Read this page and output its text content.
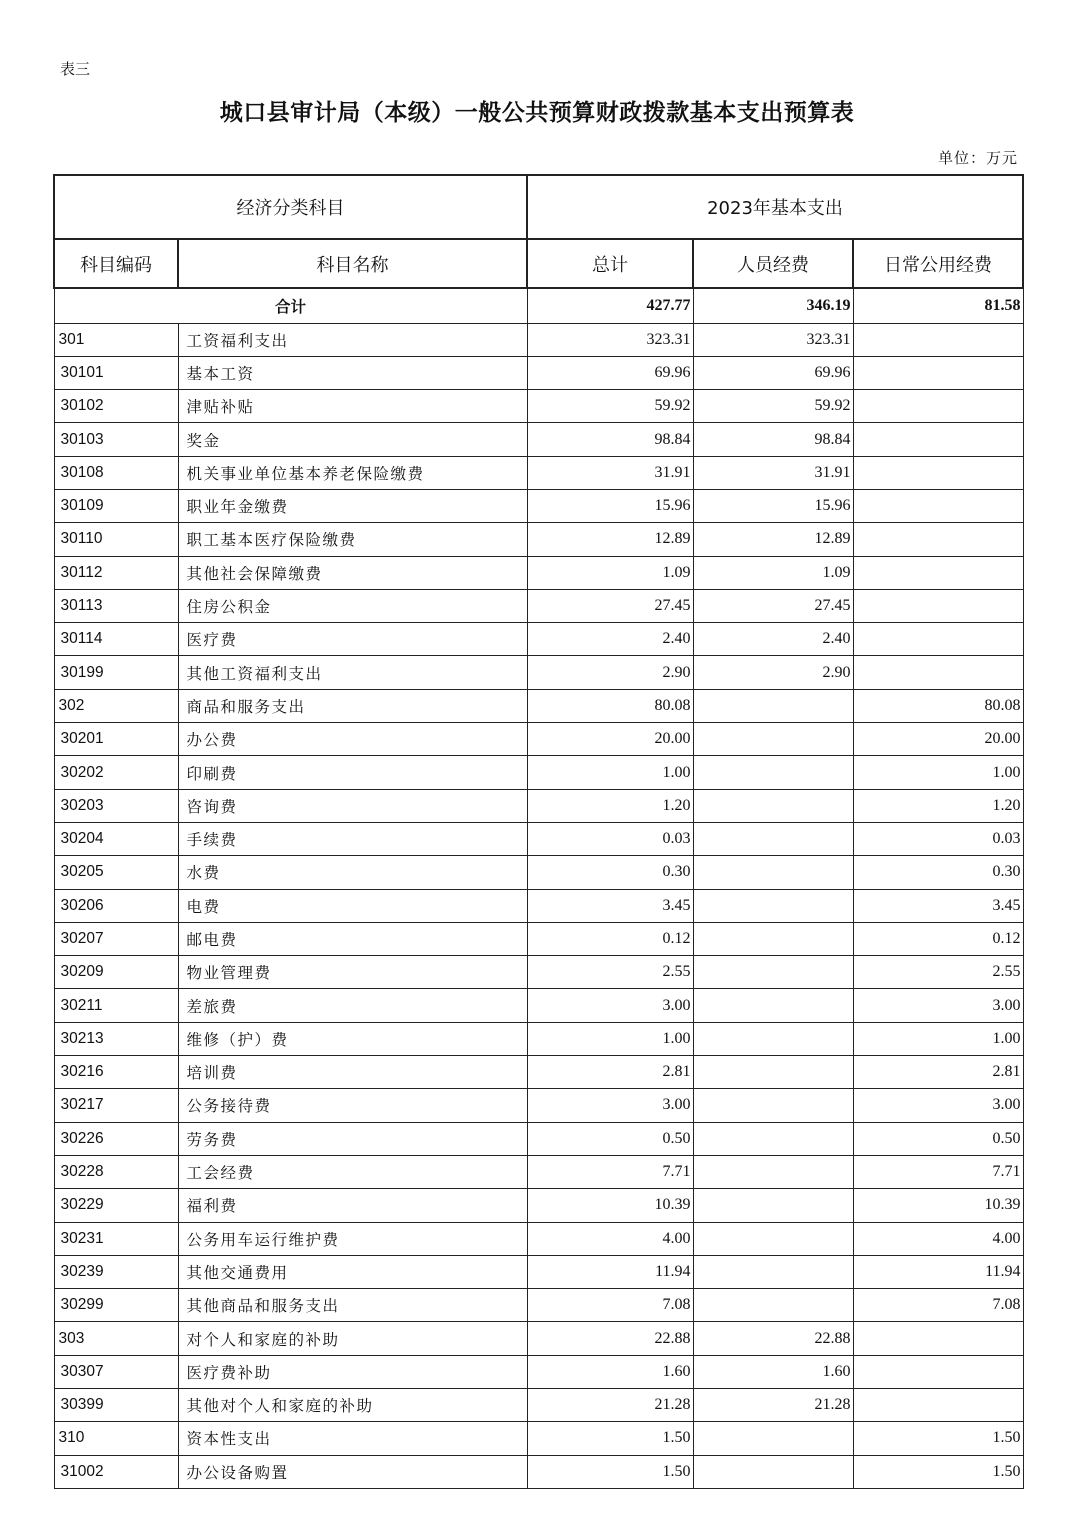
表三
城口县审计局（本级）一般公共预算财政拨款基本支出预算表
单位：万元
经济分类科目		2023年基本支出		
科目编码	科目名称	总计	人员经费	日常公用经费
合计		427.77	346.19	81.58
301	工资福利支出	323.31	323.31	
30101	基本工资	69.96	69.96	
30102	津贴补贴	59.92	59.92	
30103	奖金	98.84	98.84	
30108	机关事业单位基本养老保险缴费	31.91	31.91	
30109	职业年金缴费	15.96	15.96	
30110	职工基本医疗保险缴费	12.89	12.89	
30112	其他社会保障缴费	1.09	1.09	
30113	住房公积金	27.45	27.45	
30114	医疗费	2.40	2.40	
30199	其他工资福利支出	2.90	2.90	
302	商品和服务支出	80.08		80.08
30201	办公费	20.00		20.00
30202	印刷费	1.00		1.00
30203	咨询费	1.20		1.20
30204	手续费	0.03		0.03
30205	水费	0.30		0.30
30206	电费	3.45		3.45
30207	邮电费	0.12		0.12
30209	物业管理费	2.55		2.55
30211	差旅费	3.00		3.00
30213	维修（护）费	1.00		1.00
30216	培训费	2.81		2.81
30217	公务接待费	3.00		3.00
30226	劳务费	0.50		0.50
30228	工会经费	7.71		7.71
30229	福利费	10.39		10.39
30231	公务用车运行维护费	4.00		4.00
30239	其他交通费用	11.94		11.94
30299	其他商品和服务支出	7.08		7.08
303	对个人和家庭的补助	22.88	22.88	
30307	医疗费补助	1.60	1.60	
30399	其他对个人和家庭的补助	21.28	21.28	
310	资本性支出	1.50		1.50
31002	办公设备购置	1.50		1.50
